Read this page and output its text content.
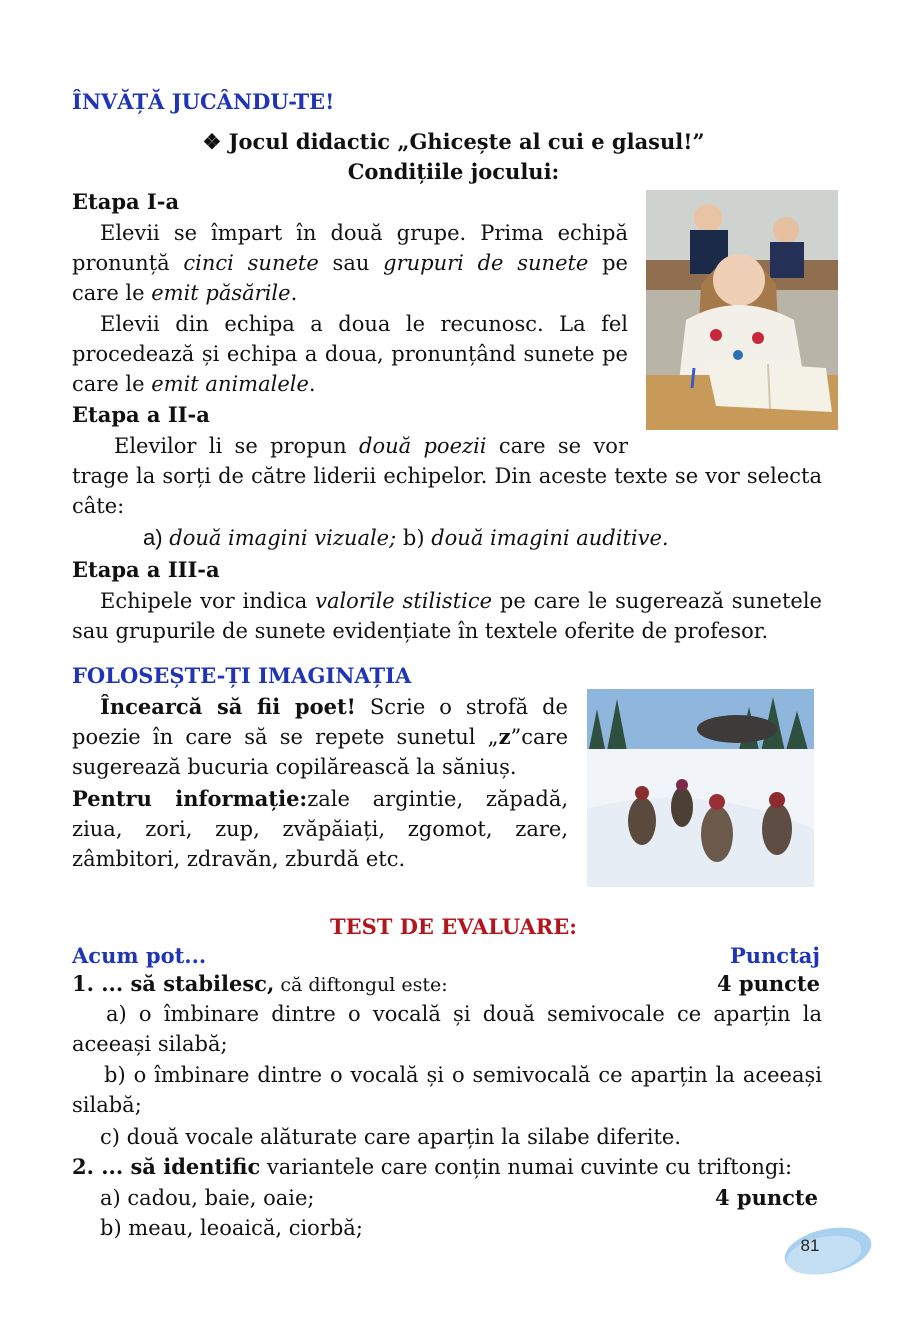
ÎNVĂȚĂ JUCÂNDU-TE!
❖ Jocul didactic „Ghicește al cui e glasul!”
Condițiile jocului:
Etapa I-a
Elevii se împart în două grupe. Prima echipă pronunță cinci sunete sau grupuri de sunete pe care le emit păsările.
Elevii din echipa a doua le recunosc. La fel procedează și echipa a doua, pronunțând sunete pe care le emit animalele.
Etapa a II-a
Elevilor li se propun două poezii care se vor
trage la sorți de către liderii echipelor. Din aceste texte se vor selecta câte:
a) două imagini vizuale; b) două imagini auditive.
Etapa a III-a
Echipele vor indica valorile stilistice pe care le sugerează sunetele sau grupurile de sunete evidențiate în textele oferite de profesor.
FOLOSEȘTE-ȚI IMAGINAȚIA
Încearcă să fii poet! Scrie o strofă de poezie în care să se repete sunetul „z”care sugerează bucuria copilărească la săniuș.
Pentru informație:zale argintie, zăpadă, ziua, zori, zup, zvăpăiați, zgomot, zare, zâmbitori, zdravăn, zburdă etc.
TEST DE EVALUARE:
Acum pot...	Punctaj
1. ... să stabilesc, că diftongul este:	4 puncte
a) o îmbinare dintre o vocală și două semivocale ce aparțin la aceeași silabă;
b) o îmbinare dintre o vocală și o semivocală ce aparțin la aceeași silabă;
c) două vocale alăturate care aparțin la silabe diferite.
2. ... să identific variantele care conțin numai cuvinte cu triftongi:
a) cadou, baie, oaie;	4 puncte
b) meau, leoaică, ciorbă;
81
